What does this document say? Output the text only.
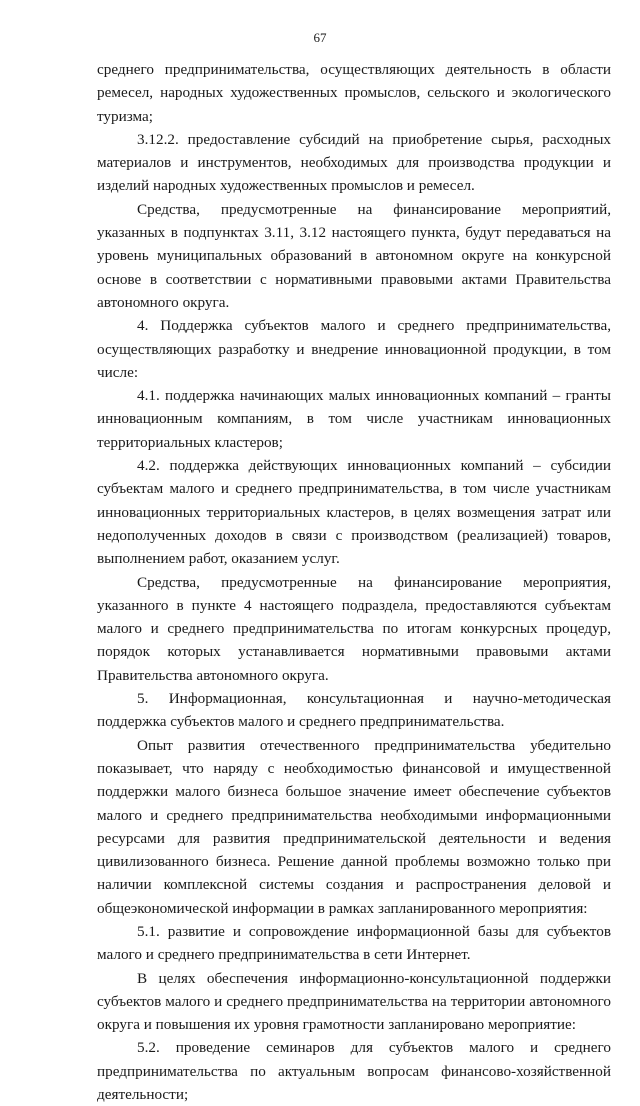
67

среднего предпринимательства, осуществляющих деятельность в области ремесел, народных художественных промыслов, сельского и экологического туризма;

3.12.2. предоставление субсидий на приобретение сырья, расходных материалов и инструментов, необходимых для производства продукции и изделий народных художественных промыслов и ремесел.

Средства, предусмотренные на финансирование мероприятий, указанных в подпунктах 3.11, 3.12 настоящего пункта, будут передаваться на уровень муниципальных образований в автономном округе на конкурсной основе в соответствии с нормативными правовыми актами Правительства автономного округа.

4. Поддержка субъектов малого и среднего предпринимательства, осуществляющих разработку и внедрение инновационной продукции, в том числе:

4.1. поддержка начинающих малых инновационных компаний – гранты инновационным компаниям, в том числе участникам инновационных территориальных кластеров;

4.2. поддержка действующих инновационных компаний – субсидии субъектам малого и среднего предпринимательства, в том числе участникам инновационных территориальных кластеров, в целях возмещения затрат или недополученных доходов в связи с производством (реализацией) товаров, выполнением работ, оказанием услуг.

Средства, предусмотренные на финансирование мероприятия, указанного в пункте 4 настоящего подраздела, предоставляются субъектам малого и среднего предпринимательства по итогам конкурсных процедур, порядок которых устанавливается нормативными правовыми актами Правительства автономного округа.

5. Информационная, консультационная и научно-методическая поддержка субъектов малого и среднего предпринимательства.

Опыт развития отечественного предпринимательства убедительно показывает, что наряду с необходимостью финансовой и имущественной поддержки малого бизнеса большое значение имеет обеспечение субъектов малого и среднего предпринимательства необходимыми информационными ресурсами для развития предпринимательской деятельности и ведения цивилизованного бизнеса. Решение данной проблемы возможно только при наличии комплексной системы создания и распространения деловой и общеэкономической информации в рамках запланированного мероприятия:

5.1. развитие и сопровождение информационной базы для субъектов малого и среднего предпринимательства в сети Интернет.

В целях обеспечения информационно-консультационной поддержки субъектов малого и среднего предпринимательства на территории автономного округа и повышения их уровня грамотности запланировано мероприятие:

5.2. проведение семинаров для субъектов малого и среднего предпринимательства по актуальным вопросам финансово-хозяйственной деятельности;
